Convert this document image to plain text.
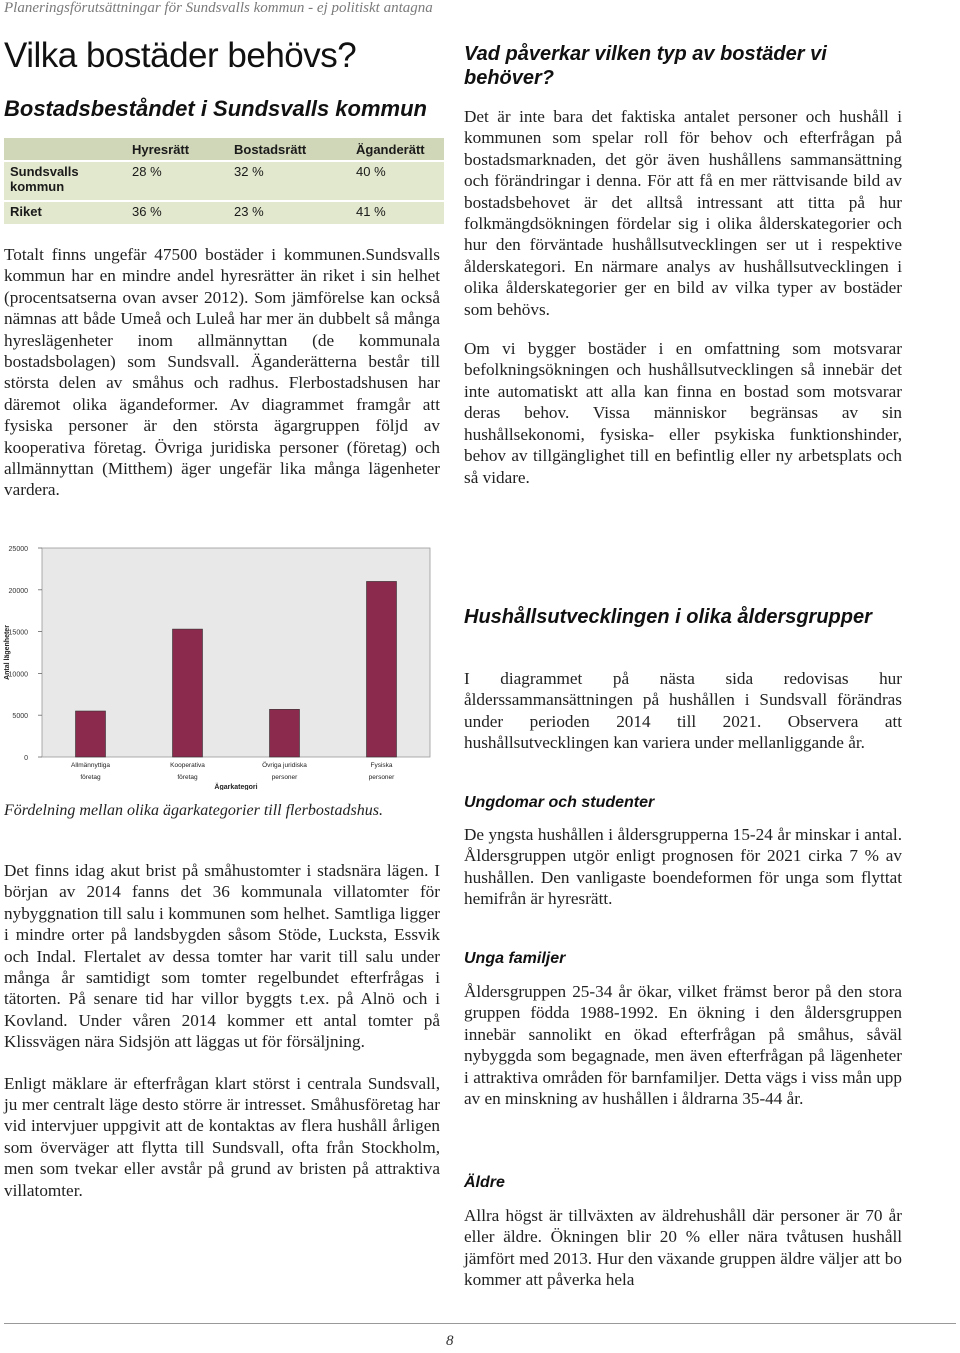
Planeringsförutsättningar för Sundsvalls kommun - ej politiskt antagna
Vilka bostäder behövs?
Bostadsbeståndet i Sundsvalls kommun
	Hyresrätt	Bostadsrätt	Äganderätt
Sundsvalls kommun	28 %	32 %	40 %
Riket	36 %	23 %	41 %

Totalt finns ungefär 47500 bostäder i kommunen.Sundsvalls kommun har en mindre andel hyresrätter än riket i sin helhet (procentsatserna ovan avser 2012). Som jämförelse kan också nämnas att både Umeå och Luleå har mer än dubbelt så många hyreslägenheter inom allmännyttan (de kommunala bostadsbolagen) som Sundsvall. Äganderätterna består till största delen av småhus och radhus. Flerbostadshusen har däremot olika ägandeformer. Av diagrammet framgår att fysiska personer är den största ägargruppen följd av kooperativa företag. Övriga juridiska personer (företag) och allmännyttan (Mitthem) äger ungefär lika många lägenheter vardera.

0
5000
10000
15000
20000
25000
Antal lägenheter
Allmännyttiga
företag
Kooperativa
företag
Övriga juridiska
personer
Fysiska
personer
Ägarkategori
Fördelning mellan olika ägarkategorier till flerbostadshus.

Det finns idag akut brist på småhustomter i stadsnära lägen. I början av 2014 fanns det 36 kommunala villatomter för nybyggnation till salu i kommunen som helhet. Samtliga ligger i mindre orter på landsbygden såsom Stöde, Lucksta, Essvik och Indal. Flertalet av dessa tomter har varit till salu under många år samtidigt som tomter regelbundet efterfrågas i tätorten. På senare tid har villor byggts t.ex. på Alnö och i Kovland. Under våren 2014 kommer ett antal tomter på Klissvägen nära Sidsjön att läggas ut för försäljning.

Enligt mäklare är efterfrågan klart störst i centrala Sundsvall, ju mer centralt läge desto större är intresset. Småhusföretag har vid intervjuer uppgivit att de kontaktas av flera hushåll årligen som överväger att flytta till Sundsvall, ofta från Stockholm, men som tvekar eller avstår på grund av bristen på attraktiva villatomter.

Vad påverkar vilken typ av bostäder vi behöver?

Det är inte bara det faktiska antalet personer och hushåll i kommunen som spelar roll för behov och efterfrågan på bostadsmarknaden, det gör även hushållens sammansättning och förändringar i denna. För att få en mer rättvisande bild av bostadsbehovet är det alltså intressant att titta på hur folkmängdsökningen fördelar sig i olika ålderskategorier och hur den förväntade hushållsutvecklingen ser ut i respektive ålderskategori. En närmare analys av hushållsutvecklingen i olika ålderskategorier ger en bild av vilka typer av bostäder som behövs.

Om vi bygger bostäder i en omfattning som motsvarar befolkningsökningen och hushållsutvecklingen så innebär det inte automatiskt att alla kan finna en bostad som motsvarar deras behov. Vissa människor begränsas av sin hushållsekonomi, fysiska- eller psykiska funktionshinder, behov av tillgänglighet till en befintlig eller ny arbetsplats och så vidare.

Hushållsutvecklingen i olika åldersgrupper

I diagrammet på nästa sida redovisas hur ålderssammansättningen på hushållen i Sundsvall förändras under perioden 2014 till 2021. Observera att hushållsutvecklingen kan variera under mellanliggande år.

Ungdomar och studenter

De yngsta hushållen i åldersgrupperna 15-24 år minskar i antal. Åldersgruppen utgör enligt prognosen för 2021 cirka 7 % av hushållen. Den vanligaste boendeformen för unga som flyttat hemifrån är hyresrätt.

Unga familjer

Åldersgruppen 25-34 år ökar, vilket främst beror på den stora gruppen födda 1988-1992. En ökning i den åldersgruppen innebär sannolikt en ökad efterfrågan på småhus, såväl nybyggda som begagnade, men även efterfrågan på lägenheter i attraktiva områden för barnfamiljer. Detta vägs i viss mån upp av en minskning av hushållen i åldrarna 35-44 år.

Äldre

Allra högst är tillväxten av äldrehushåll där personer är 70 år eller äldre. Ökningen blir 20 % eller nära tvåtusen hushåll jämfört med 2013. Hur den växande gruppen äldre väljer att bo kommer att påverka hela

8
